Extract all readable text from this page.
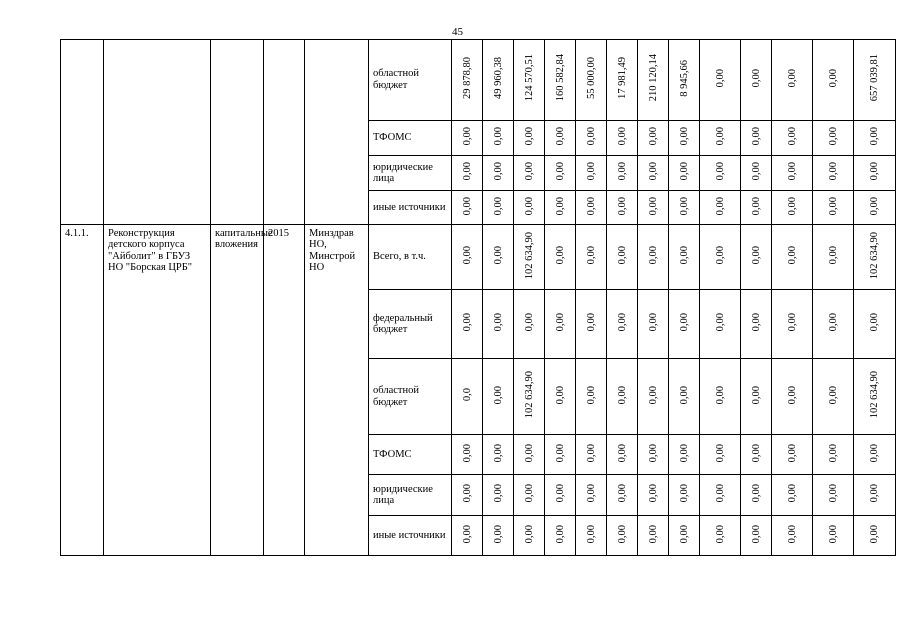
45
					областной бюджет	29 878,80	49 960,38	124 570,51	160 582,84	55 000,00	17 981,49	210 120,14	8 945,66	0,00	0,00	0,00	0,00	657 039,81
					ТФОМС	0,00	0,00	0,00	0,00	0,00	0,00	0,00	0,00	0,00	0,00	0,00	0,00	0,00
					юридические лица	0,00	0,00	0,00	0,00	0,00	0,00	0,00	0,00	0,00	0,00	0,00	0,00	0,00
					иные источники	0,00	0,00	0,00	0,00	0,00	0,00	0,00	0,00	0,00	0,00	0,00	0,00	0,00
4.1.1.	Реконструкция детского корпуса "Айболит" в ГБУЗ НО "Борская ЦРБ"	капитальные вложения	2015	Минздрав НО, Минстрой НО	Всего, в т.ч.	0,00	0,00	102 634,90	0,00	0,00	0,00	0,00	0,00	0,00	0,00	0,00	0,00	102 634,90
					федеральный бюджет	0,00	0,00	0,00	0,00	0,00	0,00	0,00	0,00	0,00	0,00	0,00	0,00	0,00
					областной бюджет	0,0	0,00	102 634,90	0,00	0,00	0,00	0,00	0,00	0,00	0,00	0,00	0,00	102 634,90
					ТФОМС	0,00	0,00	0,00	0,00	0,00	0,00	0,00	0,00	0,00	0,00	0,00	0,00	0,00
					юридические лица	0,00	0,00	0,00	0,00	0,00	0,00	0,00	0,00	0,00	0,00	0,00	0,00	0,00
					иные источники	0,00	0,00	0,00	0,00	0,00	0,00	0,00	0,00	0,00	0,00	0,00	0,00	0,00
